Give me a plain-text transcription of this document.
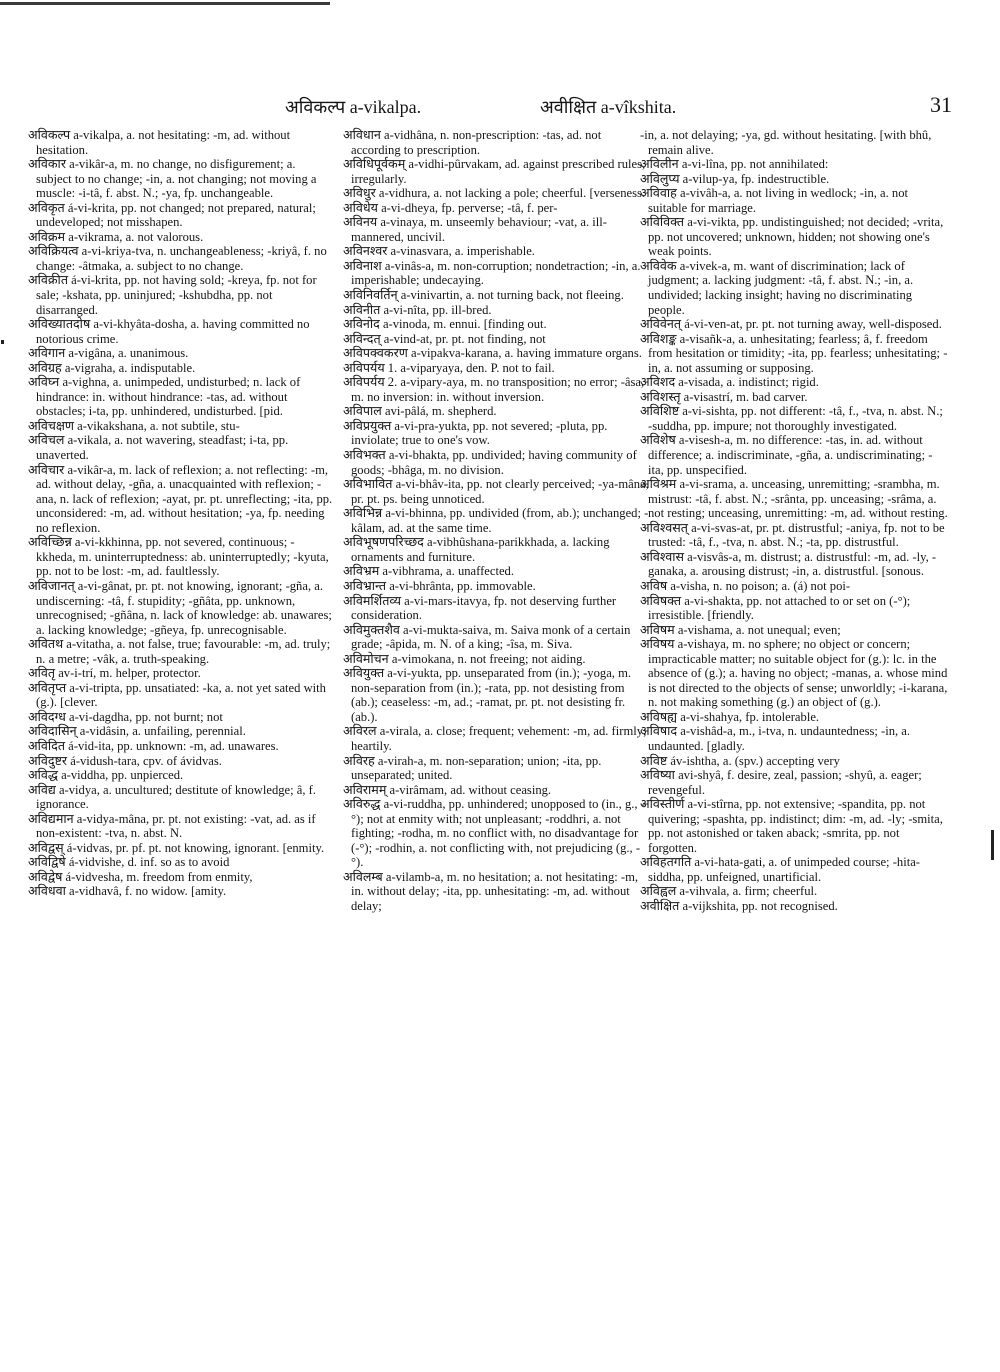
अविकल्प a-vikalpa.	अवीक्षित a-vîkshita.	31
अविकल्प a-vikalpa, a. not hesitating: -m, ad. without hesitation.
अविकार a-vikâr-a, m. no change, no disfigurement; a. subject to no change; -in, a. not changing; not moving a muscle: -i-tâ, f. abst. N.; -ya, fp. unchangeable.
अविकृत á-vi-krita, pp. not changed; not prepared, natural; undeveloped; not misshapen.
अविक्रम a-vikrama, a. not valorous.
अविक्रियत्व a-vi-kriya-tva, n. unchangeableness; -kriyâ, f. no change: -âtmaka, a. subject to no change.
अविक्रीत á-vi-krita, pp. not having sold; -kreya, fp. not for sale; -kshata, pp. uninjured; -kshubdha, pp. not disarranged.
अविख्यातदोष a-vi-khyâta-dosha, a. having committed no notorious crime.
अविगान a-vigâna, a. unanimous.
अविग्रह a-vigraha, a. indisputable.
अविघ्न a-vighna, a. unimpeded, undisturbed; n. lack of hindrance: in. without hindrance: -tas, ad. without obstacles; i-ta, pp. unhindered, undisturbed. [pid.
अविचक्षण a-vikakshana, a. not subtile, stu-
अविचल a-vikala, a. not wavering, steadfast; i-ta, pp. unaverted.
अविचार a-vikâr-a, m. lack of reflexion; a. not reflecting: -m, ad. without delay, -gña, a. unacquainted with reflexion; -ana, n. lack of reflexion; -ayat, pr. pt. unreflecting; -ita, pp. unconsidered: -m, ad. without hesitation; -ya, fp. needing no reflexion.
अविच्छिन्न a-vi-kkhinna, pp. not severed, continuous; -kkheda, m. uninterruptedness: ab. uninterruptedly; -kyuta, pp. not to be lost: -m, ad. faultlessly.
अविजानत् a-vi-gânat, pr. pt. not knowing, ignorant; -gña, a. undiscerning: -tâ, f. stupidity; -gñâta, pp. unknown, unrecognised; -gñâna, n. lack of knowledge: ab. unawares; a. lacking knowledge; -gñeya, fp. unrecognisable.
अवितथ a-vitatha, a. not false, true; favourable: -m, ad. truly; n. a metre; -vâk, a. truth-speaking.
अवितृ av-i-trí, m. helper, protector.
अवितृप्त a-vi-tripta, pp. unsatiated: -ka, a. not yet sated with (g.). [clever.
अविदग्ध a-vi-dagdha, pp. not burnt; not
अविदासिन् a-vidâsin, a. unfailing, perennial.
अविदित á-vid-ita, pp. unknown: -m, ad. unawares.
अविदुष्टर á-vidush-tara, cpv. of ávidvas.
अविद्ध a-viddha, pp. unpierced.
अविद्य a-vidya, a. uncultured; destitute of knowledge; â, f. ignorance.
अविद्यमान a-vidya-mâna, pr. pt. not existing: -vat, ad. as if non-existent: -tva, n. abst. N.
अविद्वस् á-vidvas, pr. pf. pt. not knowing, ignorant. [enmity.
अविद्विषे á-vidvishe, d. inf. so as to avoid
अविद्वेष á-vidvesha, m. freedom from enmity,
अविधवा a-vidhavâ, f. no widow. [amity.
अविधान a-vidhâna, n. non-prescription: -tas, ad. not according to prescription.
अविधिपूर्वकम् a-vidhi-pûrvakam, ad. against prescribed rules, irregularly.
अविधुर a-vidhura, a. not lacking a pole; cheerful. [verseness.
अविधेय a-vi-dheya, fp. perverse; -tâ, f. per-
अविनय a-vinaya, m. unseemly behaviour; -vat, a. ill-mannered, uncivil.
अविनश्वर a-vinasvara, a. imperishable.
अविनाश a-vinâs-a, m. non-corruption; nondetraction; -in, a. imperishable; undecaying.
अविनिवर्तिन् a-vinivartin, a. not turning back, not fleeing.
अविनीत a-vi-nîta, pp. ill-bred.
अविनोद a-vinoda, m. ennui. [finding out.
अविन्दत् a-vind-at, pr. pt. not finding, not
अविपक्वकरण a-vipakva-karana, a. having immature organs.
अविपर्यय 1. a-viparyaya, den. P. not to fail.
अविपर्यय 2. a-vipary-aya, m. no transposition; no error; -âsa, m. no inversion: in. without inversion.
अविपाल avi-pâlá, m. shepherd.
अविप्रयुक्त a-vi-pra-yukta, pp. not severed; -pluta, pp. inviolate; true to one's vow.
अविभक्त a-vi-bhakta, pp. undivided; having community of goods; -bhâga, m. no division.
अविभावित a-vi-bhâv-ita, pp. not clearly perceived; -ya-mâna, pr. pt. ps. being unnoticed.
अविभिन्न a-vi-bhinna, pp. undivided (from, ab.); unchanged; -kâlam, ad. at the same time.
अविभूषणपरिच्छद a-vibhûshana-parikkhada, a. lacking ornaments and furniture.
अविभ्रम a-vibhrama, a. unaffected.
अविभ्रान्त a-vi-bhrânta, pp. immovable.
अविमर्शितव्य a-vi-mars-itavya, fp. not deserving further consideration.
अविमुक्तशैव a-vi-mukta-saiva, m. Saiva monk of a certain grade; -âpida, m. N. of a king; -îsa, m. Siva.
अविमोचन a-vimokana, n. not freeing; not aiding.
अवियुक्त a-vi-yukta, pp. unseparated from (in.); -yoga, m. non-separation from (in.); -rata, pp. not desisting from (ab.); ceaseless: -m, ad.; -ramat, pr. pt. not desisting fr. (ab.).
अविरल a-virala, a. close; frequent; vehement: -m, ad. firmly; heartily.
अविरह a-virah-a, m. non-separation; union; -ita, pp. unseparated; united.
अविरामम् a-virâmam, ad. without ceasing.
अविरुद्ध a-vi-ruddha, pp. unhindered; unopposed to (in., g., -°); not at enmity with; not unpleasant; -roddhri, a. not fighting; -rodha, m. no conflict with, no disadvantage for (-°); -rodhin, a. not conflicting with, not prejudicing (g., -°).
अविलम्ब a-vilamb-a, m. no hesitation; a. not hesitating: -m, in. without delay; -ita, pp. unhesitating: -m, ad. without delay;
-in, a. not delaying; -ya, gd. without hesitating. [with bhû, remain alive.
अविलीन a-vi-lîna, pp. not annihilated:
अविलुप्य a-vilup-ya, fp. indestructible.
अविवाह a-vivâh-a, a. not living in wedlock; -in, a. not suitable for marriage.
अविविक्त a-vi-vikta, pp. undistinguished; not decided; -vrita, pp. not uncovered; unknown, hidden; not showing one's weak points.
अविवेक a-vivek-a, m. want of discrimination; lack of judgment; a. lacking judgment: -tâ, f. abst. N.; -in, a. undivided; lacking insight; having no discriminating people.
अविवेनत् á-vi-ven-at, pr. pt. not turning away, well-disposed.
अविशङ्क a-visañk-a, a. unhesitating; fearless; â, f. freedom from hesitation or timidity; -ita, pp. fearless; unhesitating; -in, a. not assuming or supposing.
अविशद a-visada, a. indistinct; rigid.
अविशस्तृ a-visastrí, m. bad carver.
अविशिष्ट a-vi-sishta, pp. not different: -tâ, f., -tva, n. abst. N.; -suddha, pp. impure; not thoroughly investigated.
अविशेष a-visesh-a, m. no difference: -tas, in. ad. without difference; a. indiscriminate, -gña, a. undiscriminating; -ita, pp. unspecified.
अविश्रम a-vi-srama, a. unceasing, unremitting; -srambha, m. mistrust: -tâ, f. abst. N.; -srânta, pp. unceasing; -srâma, a. not resting; unceasing, unremitting: -m, ad. without resting.
अविश्वसत् a-vi-svas-at, pr. pt. distrustful; -aniya, fp. not to be trusted: -tâ, f., -tva, n. abst. N.; -ta, pp. distrustful.
अविश्वास a-visvâs-a, m. distrust; a. distrustful: -m, ad. -ly, -ganaka, a. arousing distrust; -in, a. distrustful. [sonous.
अविष a-visha, n. no poison; a. (á) not poi-
अविषक्त a-vi-shakta, pp. not attached to or set on (-°); irresistible. [friendly.
अविषम a-vishama, a. not unequal; even;
अविषय a-vishaya, m. no sphere; no object or concern; impracticable matter; no suitable object for (g.): lc. in the absence of (g.); a. having no object; -manas, a. whose mind is not directed to the objects of sense; unworldly; -i-karana, n. not making something (g.) an object of (g.).
अविषह्य a-vi-shahya, fp. intolerable.
अविषाद a-vishâd-a, m., i-tva, n. undauntedness; -in, a. undaunted. [gladly.
अविष्ट áv-ishtha, a. (spv.) accepting very
अविष्या avi-shyâ, f. desire, zeal, passion; -shyû, a. eager; revengeful.
अविस्तीर्ण a-vi-stîrna, pp. not extensive; -spandita, pp. not quivering; -spashta, pp. indistinct; dim: -m, ad. -ly; -smita, pp. not astonished or taken aback; -smrita, pp. not forgotten.
अविहतगति a-vi-hata-gati, a. of unimpeded course; -hita-siddha, pp. unfeigned, unartificial.
अविह्वल a-vihvala, a. firm; cheerful.
अवीक्षित a-vijkshita, pp. not recognised.
